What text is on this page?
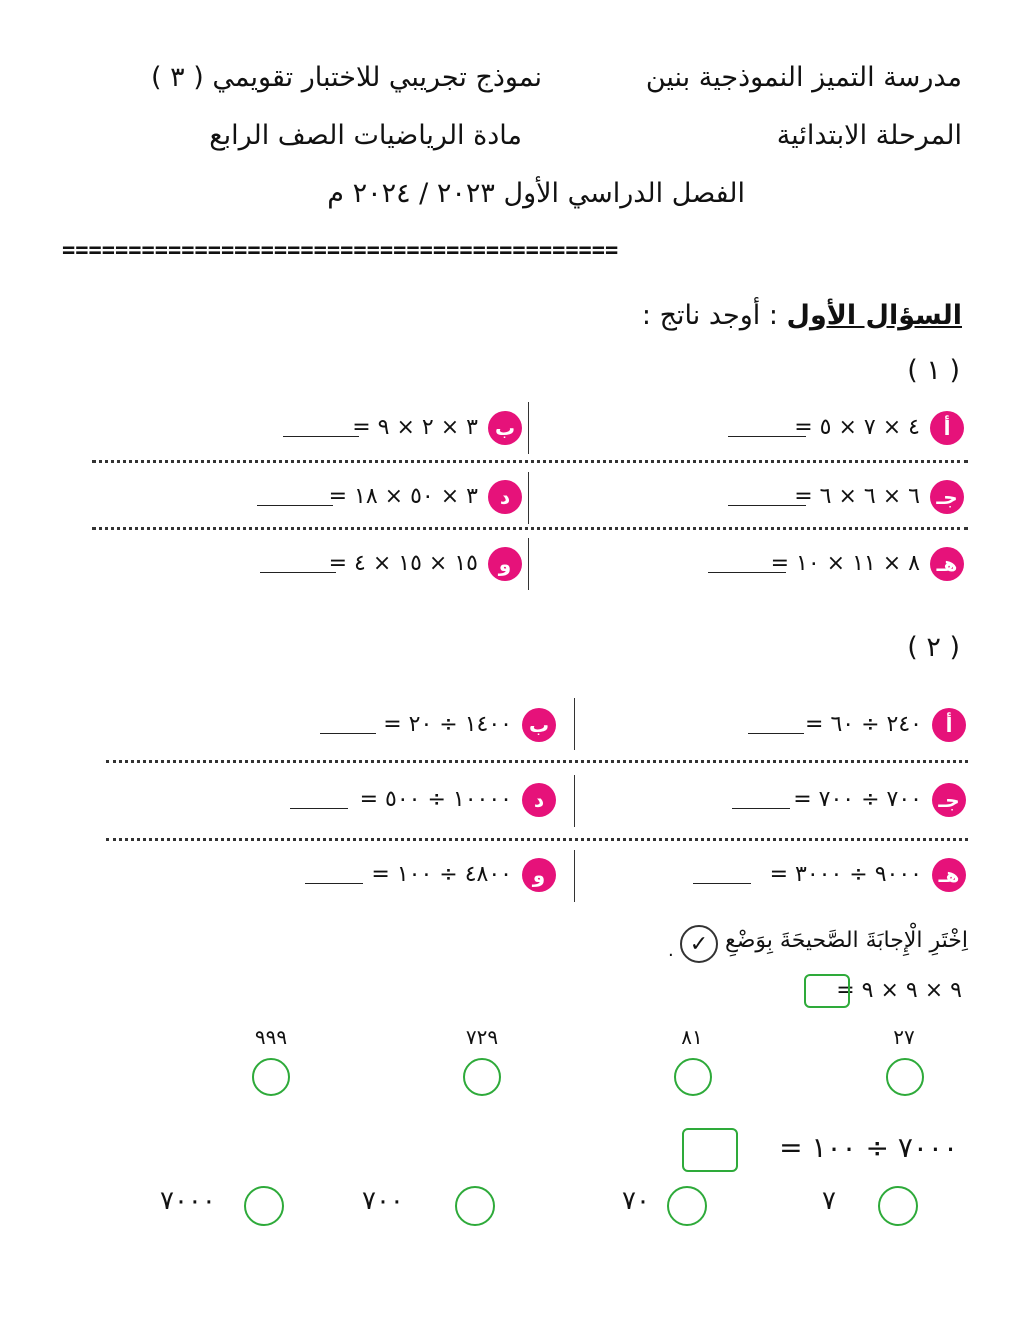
مدرسة التميز النموذجية بنين
نموذج تجريبي للاختبار تقويمي ( ٣ )
المرحلة الابتدائية
مادة الرياضيات الصف الرابع
الفصل الدراسي الأول ٢٠٢٣ / ٢٠٢٤ م
==========================================
السؤال الأول : أوجد ناتج :
( ١ )
أ
٤ × ٧ × ٥ =
ب
٣ × ٢ × ٩ =
جـ
٦ × ٦ × ٦ =
د
٣ × ٥٠ × ١٨ =
هـ
٨ × ١١ × ١٠ =
و
١٥ × ١٥ × ٤ =
( ٢ )
أ
٢٤٠ ÷ ٦٠ =
ب
١٤٠٠ ÷ ٢٠ =
جـ
٧٠٠ ÷ ٧٠٠ =
د
١٠٠٠٠ ÷ ٥٠٠ =
هـ
٩٠٠٠ ÷ ٣٠٠٠ =
و
٤٨٠٠ ÷ ١٠٠ =
اِخْتَرِ الْإِجابَةَ الصَّحيحَةَ بِوَضْعِ
✓
.
٩ × ٩ × ٩ =
٢٧
٨١
٧٢٩
٩٩٩
٧٠٠٠ ÷ ١٠٠ =
٧
٧٠
٧٠٠
٧٠٠٠
